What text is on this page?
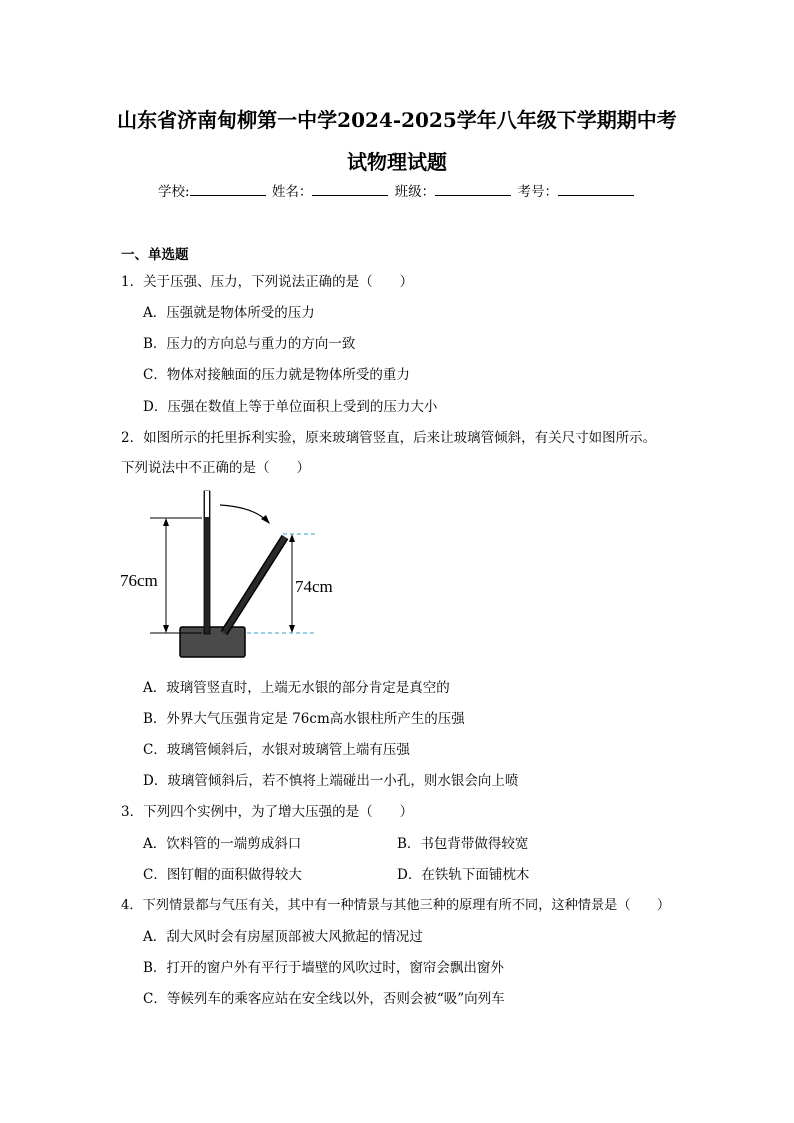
山东省济南甸柳第一中学2024-2025学年八年级下学期期中考
试物理试题
学校:	姓名：	班级：	考号：
一、单选题
1．关于压强、压力，下列说法正确的是（　　）
A．压强就是物体所受的压力
B．压力的方向总与重力的方向一致
C．物体对接触面的压力就是物体所受的重力
D．压强在数值上等于单位面积上受到的压力大小
2．如图所示的托里拆利实验，原来玻璃管竖直，后来让玻璃管倾斜，有关尺寸如图所示。
下列说法中不正确的是（　　）
76cm	74cm
A．玻璃管竖直时，上端无水银的部分肯定是真空的
B．外界大气压强肯定是 76cm高水银柱所产生的压强
C．玻璃管倾斜后，水银对玻璃管上端有压强
D．玻璃管倾斜后，若不慎将上端碰出一小孔，则水银会向上喷
3．下列四个实例中，为了增大压强的是（　　）
A．饮料管的一端剪成斜口	B．书包背带做得较宽
C．图钉帽的面积做得较大	D．在铁轨下面铺枕木
4．下列情景都与气压有关，其中有一种情景与其他三种的原理有所不同，这种情景是（　　）
A．刮大风时会有房屋顶部被大风掀起的情况过
B．打开的窗户外有平行于墙壁的风吹过时，窗帘会飘出窗外
C．等候列车的乘客应站在安全线以外，否则会被“吸”向列车
